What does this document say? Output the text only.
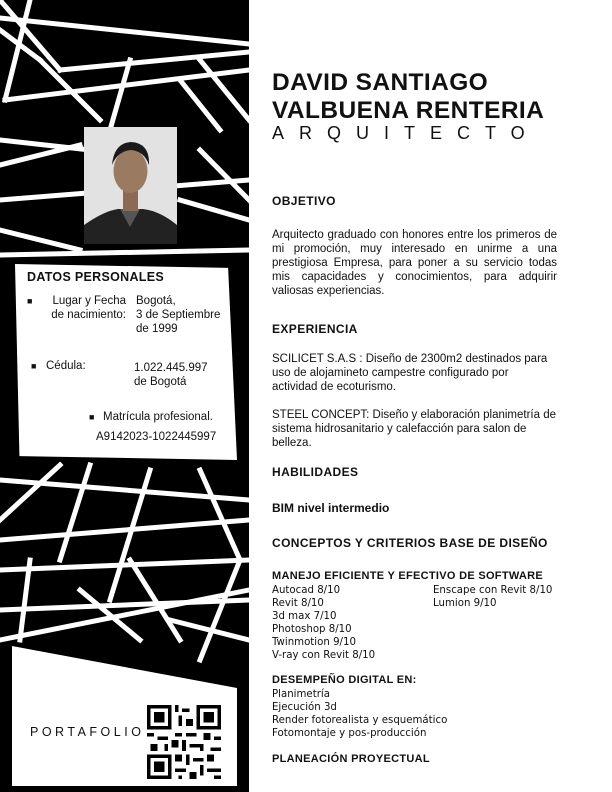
DATOS PERSONALES
■	Lugar y Fecha
de nacimiento:
Bogotá,
3 de Septiembre
de 1999
■ Cédula:	1.022.445.997
de Bogotá
■ Matrícula profesional.
A9142023-1022445997
PORTAFOLIO
DAVID SANTIAGO
VALBUENA RENTERIA
ARQUITECTO
OBJETIVO
Arquitecto graduado con honores entre los primeros de mi promoción, muy interesado en unirme a una prestigiosa Empresa, para poner a su servicio todas mis capacidades y conocimientos, para adquirir valiosas experiencias.
EXPERIENCIA
SCILICET S.A.S : Diseño de 2300m2 destinados para uso de alojamineto campestre configurado por actividad de ecoturismo.
STEEL CONCEPT: Diseño y elaboración planimetría de sistema hidrosanitario y calefacción para salon de belleza.
HABILIDADES
BIM nivel intermedio
CONCEPTOS Y CRITERIOS BASE DE DISEÑO
MANEJO EFICIENTE Y EFECTIVO DE SOFTWARE
Autocad 8/10
Revit 8/10
3d max 7/10
Photoshop 8/10
Twinmotion 9/10
V-ray con Revit 8/10
Enscape con Revit 8/10
Lumion 9/10
DESEMPEÑO DIGITAL EN:
Planimetría
Ejecución 3d
Render fotorealista y esquemático
Fotomontaje y pos-producción
PLANEACIÓN PROYECTUAL
